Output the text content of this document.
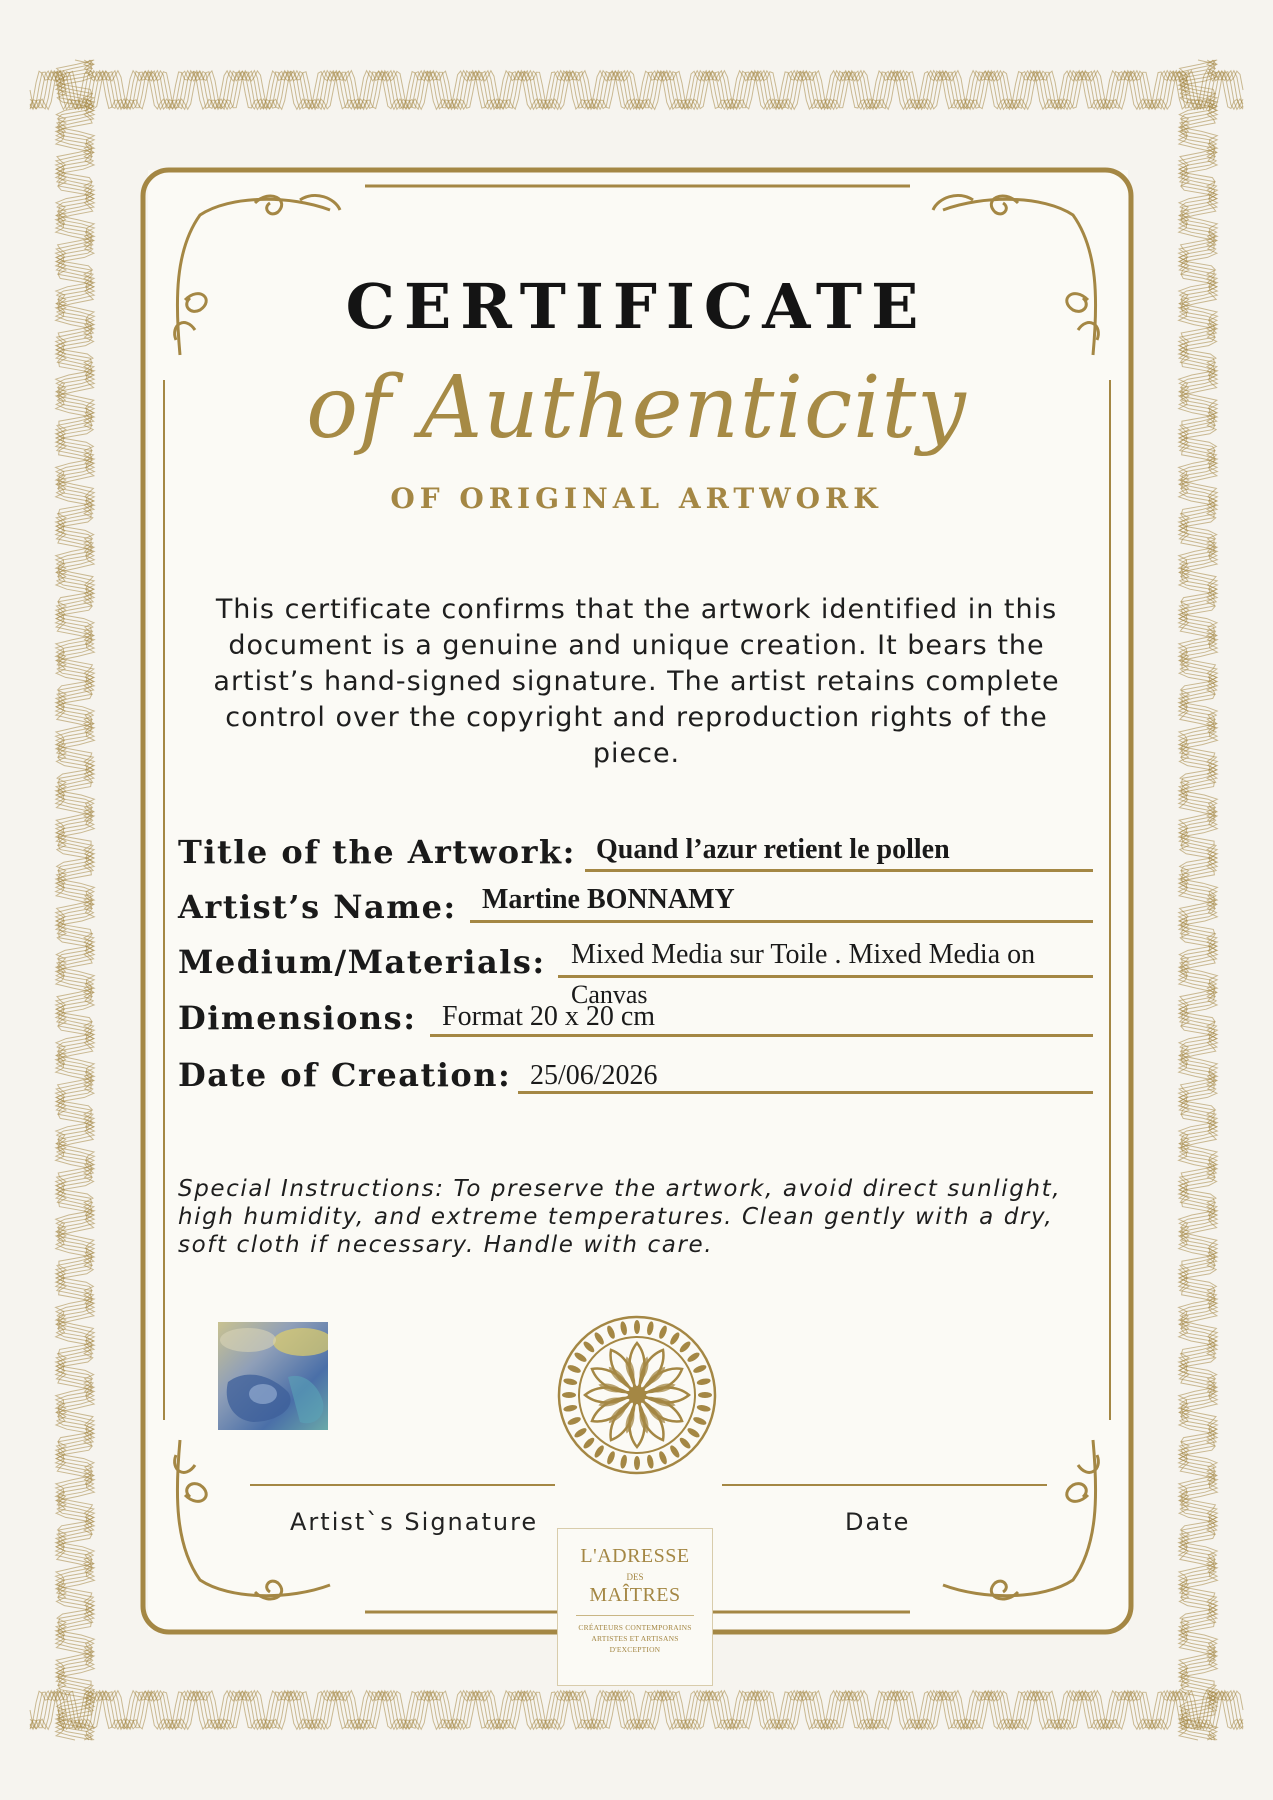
CERTIFICATE
of Authenticity
OF ORIGINAL ARTWORK
This certificate confirms that the artwork identified in this document is a genuine and unique creation. It bears the artist’s hand-signed signature. The artist retains complete control over the copyright and reproduction rights of the piece.
Title of the Artwork: Quand l’azur retient le pollen
Artist’s Name: Martine BONNAMY
Medium/Materials: Mixed Media sur Toile . Mixed Media on
Canvas
Dimensions: Format 20 x 20 cm
Date of Creation: 25/06/2026
Special Instructions: To preserve the artwork, avoid direct sunlight, high humidity, and extreme temperatures. Clean gently with a dry, soft cloth if necessary. Handle with care.
Artist`s Signature	Date
L'ADRESSE
DES
MAÎTRES
CRÉATEURS CONTEMPORAINS
ARTISTES ET ARTISANS
D'EXCEPTION
